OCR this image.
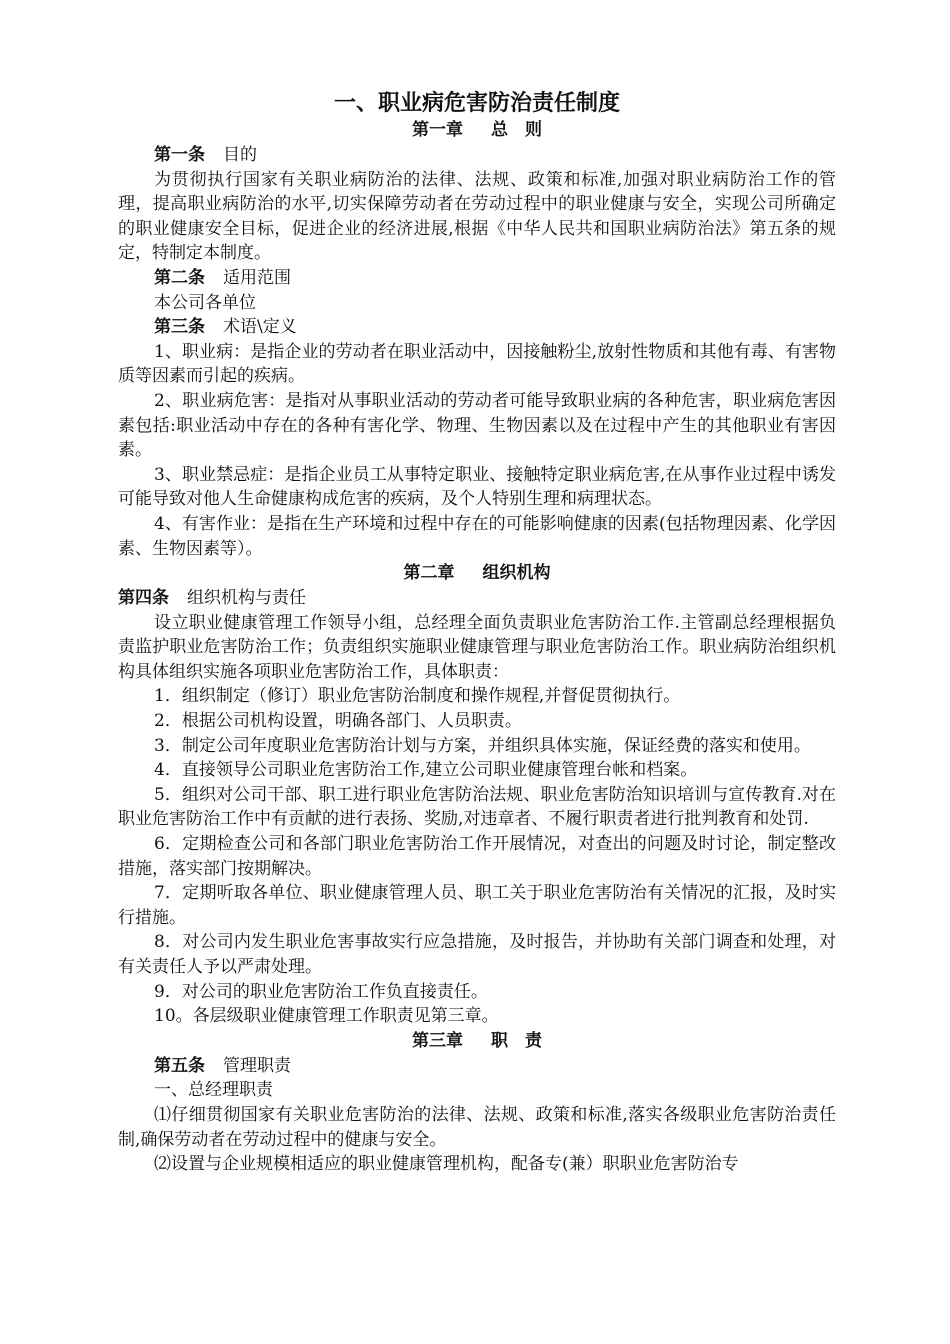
一、职业病危害防治责任制度

第一章 总　则

第一条 目的

为贯彻执行国家有关职业病防治的法律、法规、政策和标准,加强对职业病防治工作的管理，提高职业病防治的水平,切实保障劳动者在劳动过程中的职业健康与安全，实现公司所确定的职业健康安全目标，促进企业的经济进展,根据《中华人民共和国职业病防治法》第五条的规定，特制定本制度。

第二条 适用范围

本公司各单位

第三条 术语\定义

1、职业病：是指企业的劳动者在职业活动中，因接触粉尘,放射性物质和其他有毒、有害物质等因素而引起的疾病。

2、职业病危害：是指对从事职业活动的劳动者可能导致职业病的各种危害，职业病危害因素包括:职业活动中存在的各种有害化学、物理、生物因素以及在过程中产生的其他职业有害因素。

3、职业禁忌症：是指企业员工从事特定职业、接触特定职业病危害,在从事作业过程中诱发可能导致对他人生命健康构成危害的疾病，及个人特别生理和病理状态。

4、有害作业：是指在生产环境和过程中存在的可能影响健康的因素(包括物理因素、化学因素、生物因素等）。

第二章 组织机构

第四条 组织机构与责任

设立职业健康管理工作领导小组，总经理全面负责职业危害防治工作.主管副总经理根据负责监护职业危害防治工作；负责组织实施职业健康管理与职业危害防治工作。职业病防治组织机构具体组织实施各项职业危害防治工作，具体职责：

1．组织制定（修订）职业危害防治制度和操作规程,并督促贯彻执行。

2．根据公司机构设置，明确各部门、人员职责。

3．制定公司年度职业危害防治计划与方案，并组织具体实施，保证经费的落实和使用。

4．直接领导公司职业危害防治工作,建立公司职业健康管理台帐和档案。

5．组织对公司干部、职工进行职业危害防治法规、职业危害防治知识培训与宣传教育.对在职业危害防治工作中有贡献的进行表扬、奖励,对违章者、不履行职责者进行批判教育和处罚.

6．定期检查公司和各部门职业危害防治工作开展情况，对查出的问题及时讨论，制定整改措施，落实部门按期解决。

7．定期听取各单位、职业健康管理人员、职工关于职业危害防治有关情况的汇报，及时实行措施。

8．对公司内发生职业危害事故实行应急措施，及时报告，并协助有关部门调查和处理，对有关责任人予以严肃处理。

9．对公司的职业危害防治工作负直接责任。

10。各层级职业健康管理工作职责见第三章。

第三章 职　责

第五条 管理职责

一、总经理职责

⑴仔细贯彻国家有关职业危害防治的法律、法规、政策和标准,落实各级职业危害防治责任制,确保劳动者在劳动过程中的健康与安全。

⑵设置与企业规模相适应的职业健康管理机构，配备专(兼）职职业危害防治专
